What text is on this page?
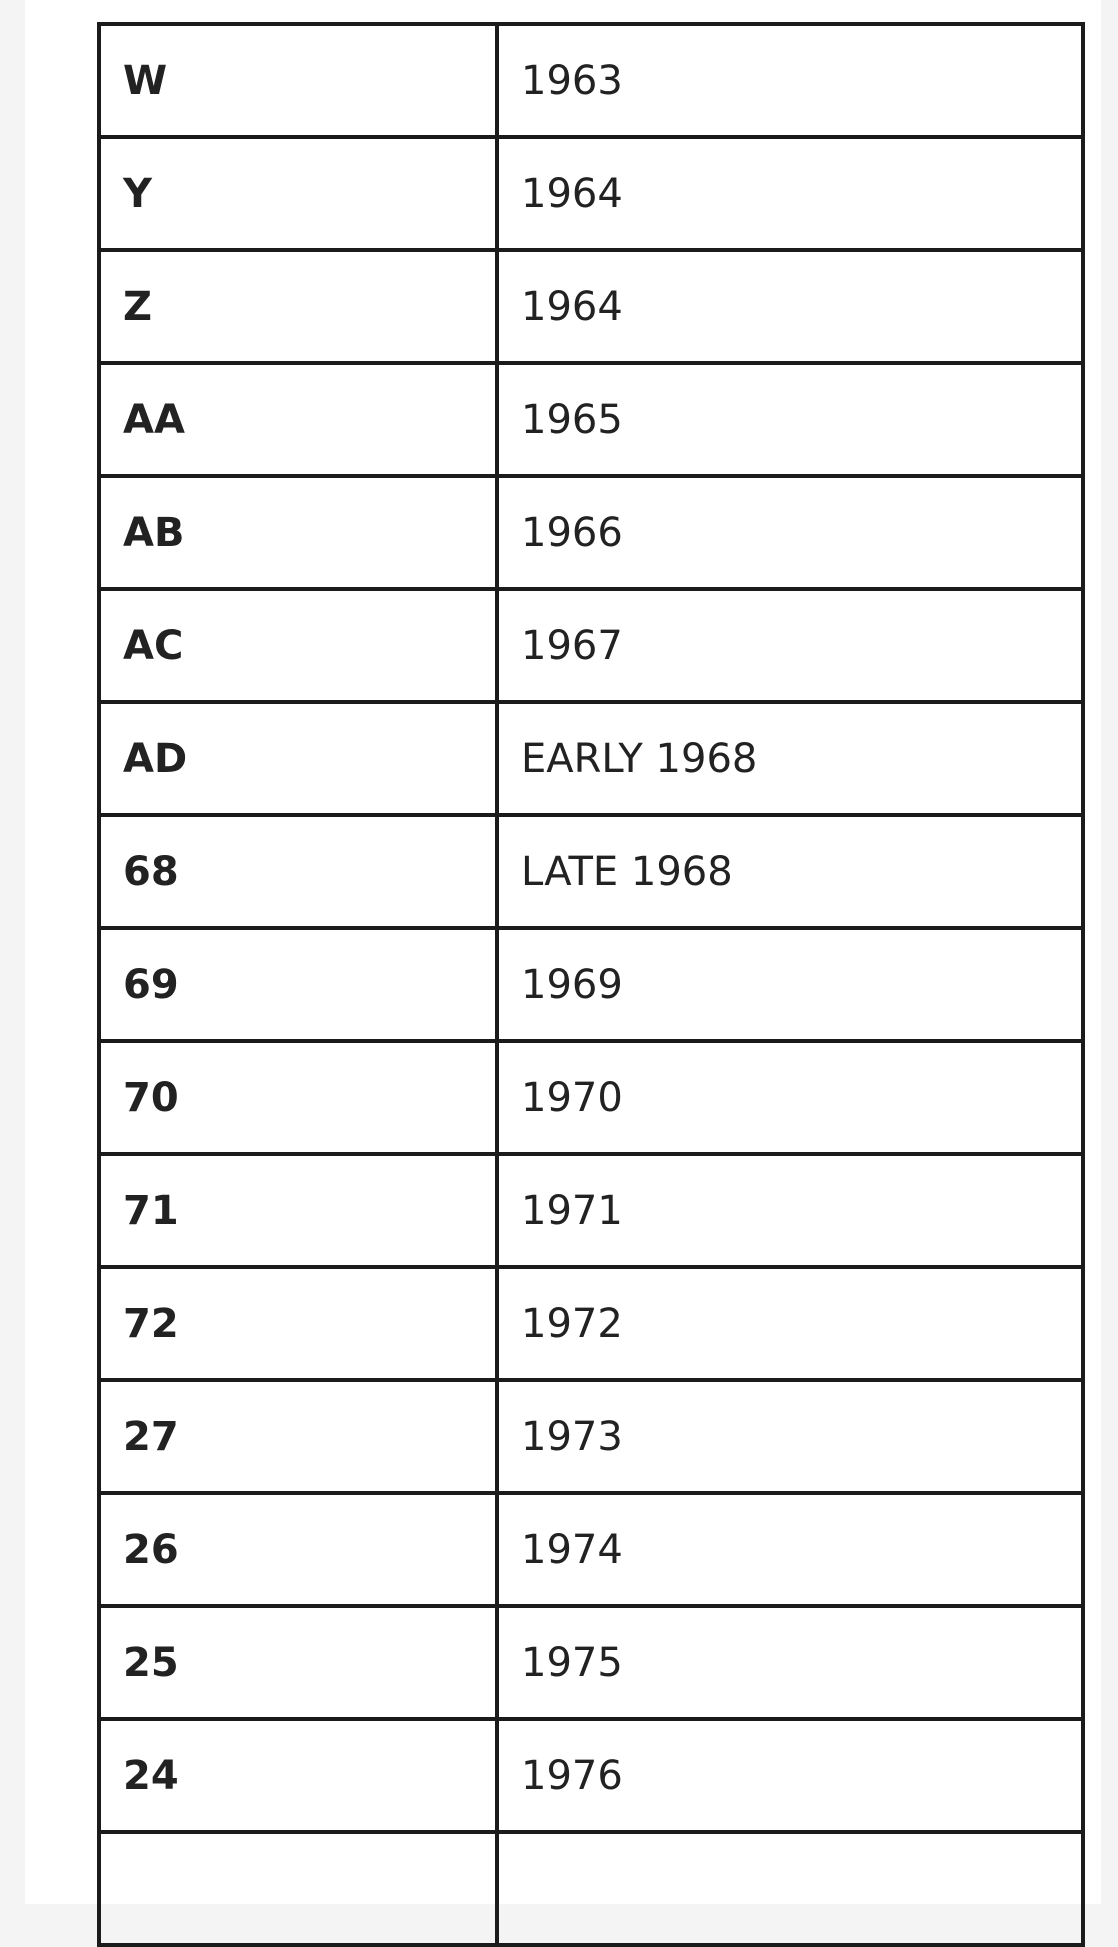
W	1963
Y	1964
Z	1964
AA	1965
AB	1966
AC	1967
AD	EARLY 1968
68	LATE 1968
69	1969
70	1970
71	1971
72	1972
27	1973
26	1974
25	1975
24	1976
